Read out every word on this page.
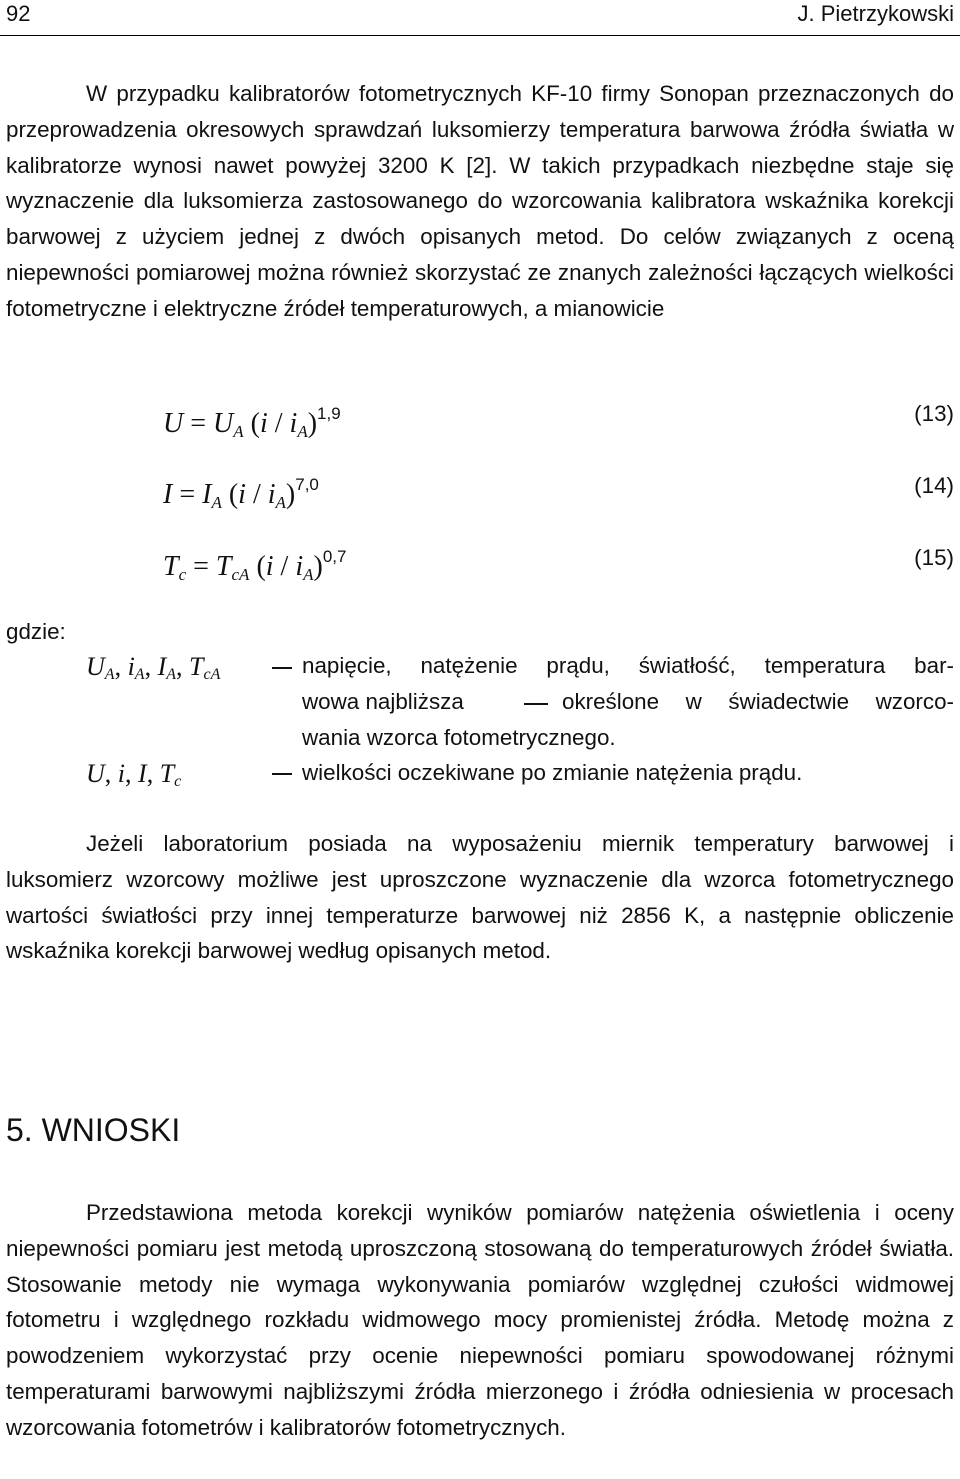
92	J. Pietrzykowski

W przypadku kalibratorów fotometrycznych KF-10 firmy Sonopan przeznaczonych do przeprowadzenia okresowych sprawdzań luksomierzy temperatura barwowa źródła światła w kalibratorze wynosi nawet powyżej 3200 K [2]. W takich przypadkach niezbędne staje się wyznaczenie dla luksomierza zastosowanego do wzorcowania kalibratora wskaźnika korekcji barwowej z użyciem jednej z dwóch opisanych metod. Do celów związanych z oceną niepewności pomiarowej można również skorzystać ze znanych zależności łączących wielkości fotometryczne i elektryczne źródeł temperaturowych, a mianowicie

$U = U_A$ $(i / i_A)^{1,9}$	(13)
$I = I_A$ $(i / i_A)^{7,0}$	(14)
$T_c = T_{cA}$ $(i / i_A)^{0,7}$	(15)
gdzie:
$U_A$, $i_A$, $I_A$, $T_{cA}$	napięcie, natężenie prądu, światłość, temperatura bar-
wowa najbliższa	określone w świadectwie wzorco-
wania wzorca fotometrycznego.
U, i, I, $T_c$	wielkości oczekiwane po zmianie natężenia prądu.

Jeżeli laboratorium posiada na wyposażeniu miernik temperatury barwowej i luksomierz wzorcowy możliwe jest uproszczone wyznaczenie dla wzorca fotometrycznego wartości światłości przy innej temperaturze barwowej niż 2856 K, a następnie obliczenie wskaźnika korekcji barwowej według opisanych metod.

5. WNIOSKI

Przedstawiona metoda korekcji wyników pomiarów natężenia oświetlenia i oceny niepewności pomiaru jest metodą uproszczoną stosowaną do temperaturowych źródeł światła. Stosowanie metody nie wymaga wykonywania pomiarów względnej czułości widmowej fotometru i względnego rozkładu widmowego mocy promienistej źródła. Metodę można z powodzeniem wykorzystać przy ocenie niepewności pomiaru spowodowanej różnymi temperaturami barwowymi najbliższymi źródła mierzonego i źródła odniesienia w procesach wzorcowania fotometrów i kalibratorów fotometrycznych.
